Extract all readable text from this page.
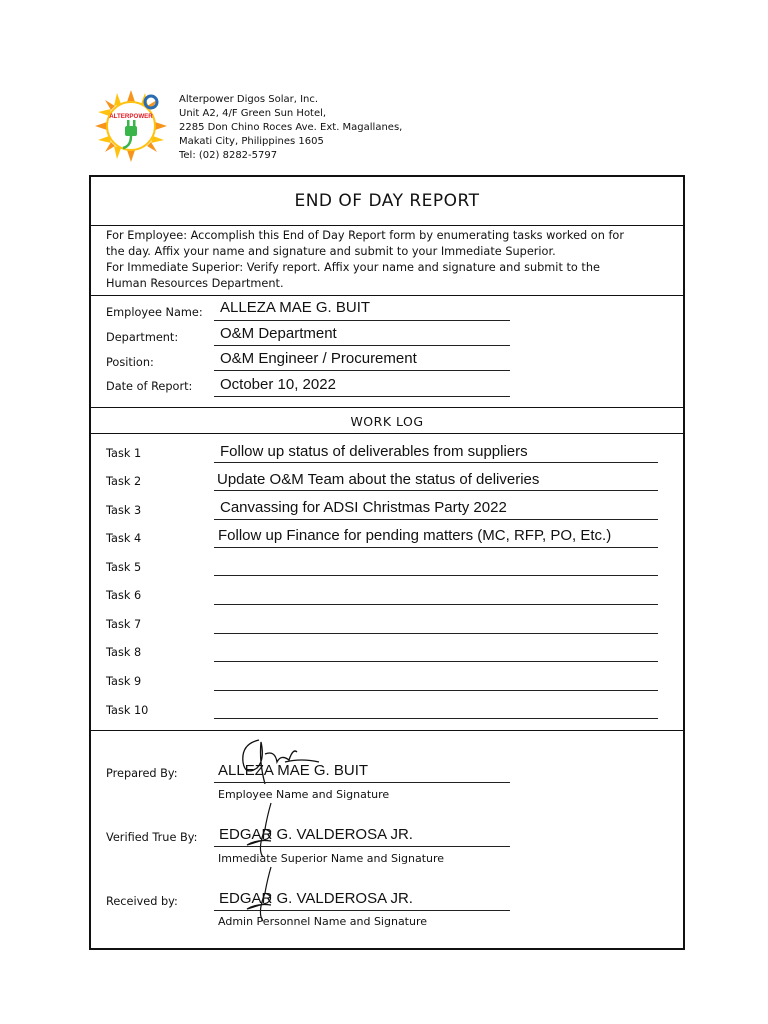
ALTERPOWER
Alterpower Digos Solar, Inc.
Unit A2, 4/F Green Sun Hotel,
2285 Don Chino Roces Ave. Ext. Magallanes,
Makati City, Philippines 1605
Tel: (02) 8282-5797
END OF DAY REPORT
For Employee: Accomplish this End of Day Report form by enumerating tasks worked on for
the day. Affix your name and signature and submit to your Immediate Superior.
For Immediate Superior: Verify report. Affix your name and signature and submit to the
Human Resources Department.
Employee Name: ALLEZA MAE G. BUIT
Department:	O&M Department
Position:	O&M Engineer / Procurement
Date of Report: October 10, 2022
WORK LOG
Task 1	Follow up status of deliverables from suppliers
Task 2	Update O&M Team about the status of deliveries
Task 3	Canvassing for ADSI Christmas Party 2022
Task 4	Follow up Finance for pending matters (MC, RFP, PO, Etc.)
Task 5
Task 6
Task 7
Task 8
Task 9
Task 10
Prepared By:	ALLEZA MAE G. BUIT
Employee Name and Signature
Verified True By: EDGAR G. VALDEROSA JR.
Immediate Superior Name and Signature
Received by:	EDGAR G. VALDEROSA JR.
Admin Personnel Name and Signature
